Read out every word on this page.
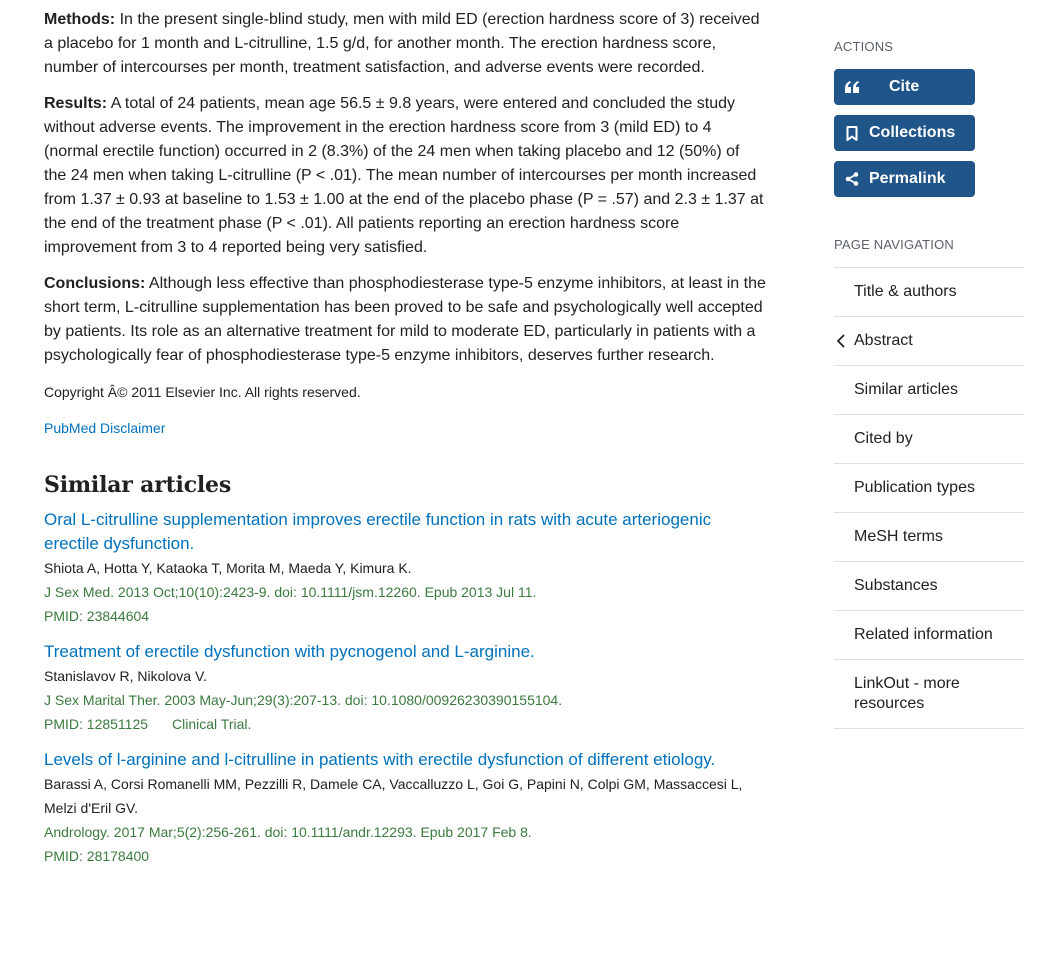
Methods: In the present single-blind study, men with mild ED (erection hardness score of 3) received a placebo for 1 month and L-citrulline, 1.5 g/d, for another month. The erection hardness score, number of intercourses per month, treatment satisfaction, and adverse events were recorded.

Results: A total of 24 patients, mean age 56.5 ± 9.8 years, were entered and concluded the study without adverse events. The improvement in the erection hardness score from 3 (mild ED) to 4 (normal erectile function) occurred in 2 (8.3%) of the 24 men when taking placebo and 12 (50%) of the 24 men when taking L-citrulline (P < .01). The mean number of intercourses per month increased from 1.37 ± 0.93 at baseline to 1.53 ± 1.00 at the end of the placebo phase (P = .57) and 2.3 ± 1.37 at the end of the treatment phase (P < .01). All patients reporting an erection hardness score improvement from 3 to 4 reported being very satisfied.

Conclusions: Although less effective than phosphodiesterase type-5 enzyme inhibitors, at least in the short term, L-citrulline supplementation has been proved to be safe and psychologically well accepted by patients. Its role as an alternative treatment for mild to moderate ED, particularly in patients with a psychologically fear of phosphodiesterase type-5 enzyme inhibitors, deserves further research.

Copyright Â© 2011 Elsevier Inc. All rights reserved.

PubMed Disclaimer
Similar articles
Oral L-citrulline supplementation improves erectile function in rats with acute arteriogenic erectile dysfunction.
Shiota A, Hotta Y, Kataoka T, Morita M, Maeda Y, Kimura K.
J Sex Med. 2013 Oct;10(10):2423-9. doi: 10.1111/jsm.12260. Epub 2013 Jul 11.
PMID: 23844604
Treatment of erectile dysfunction with pycnogenol and L-arginine.
Stanislavov R, Nikolova V.
J Sex Marital Ther. 2003 May-Jun;29(3):207-13. doi: 10.1080/00926230390155104.
PMID: 12851125 Clinical Trial.
Levels of l-arginine and l-citrulline in patients with erectile dysfunction of different etiology.
Barassi A, Corsi Romanelli MM, Pezzilli R, Damele CA, Vaccalluzzo L, Goi G, Papini N, Colpi GM, Massaccesi L, Melzi d'Eril GV.
Andrology. 2017 Mar;5(2):256-261. doi: 10.1111/andr.12293. Epub 2017 Feb 8.
PMID: 28178400
ACTIONS
Cite
Collections
Permalink
PAGE NAVIGATION
Title & authors
Abstract
Similar articles
Cited by
Publication types
MeSH terms
Substances
Related information
LinkOut - more resources
